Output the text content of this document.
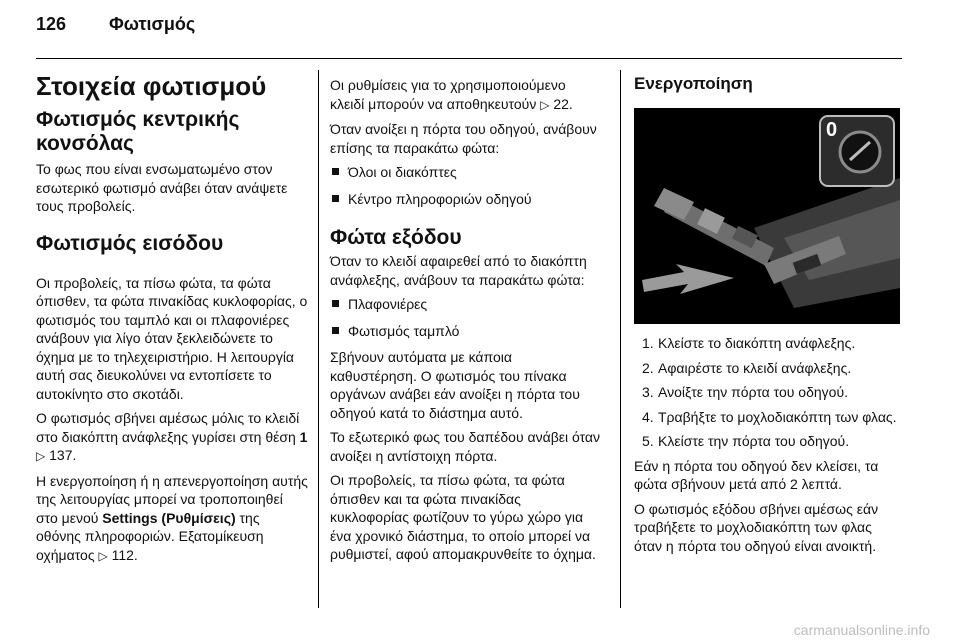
126 Φωτισμός
Στοιχεία φωτισμού
Φωτισμός κεντρικής κονσόλας

Το φως που είναι ενσωματωμένο στον εσωτερικό φωτισμό ανάβει όταν ανάψετε τους προβολείς.

Φωτισμός εισόδου

Οι προβολείς, τα πίσω φώτα, τα φώτα όπισθεν, τα φώτα πινακίδας κυκλοφορίας, ο φωτισμός του ταμπλό και οι πλαφονιέρες ανάβουν για λίγο όταν ξεκλειδώνετε το όχημα με το τηλεχειριστήριο. Η λειτουργία αυτή σας διευκολύνει να εντοπίσετε το αυτοκίνητο στο σκοτάδι.

Ο φωτισμός σβήνει αμέσως μόλις το κλειδί στο διακόπτη ανάφλεξης γυρίσει στη θέση 1 ▷ 137.

Η ενεργοποίηση ή η απενεργοποίηση αυτής της λειτουργίας μπορεί να τροποποιηθεί στο μενού Settings (Ρυθμίσεις) της οθόνης πληροφοριών. Εξατομίκευση οχήματος ▷ 112.

Οι ρυθμίσεις για το χρησιμοποιούμενο κλειδί μπορούν να αποθηκευτούν ▷ 22.

Όταν ανοίξει η πόρτα του οδηγού, ανάβουν επίσης τα παρακάτω φώτα:

Όλοι οι διακόπτες
Κέντρο πληροφοριών οδηγού
Φώτα εξόδου

Όταν το κλειδί αφαιρεθεί από το διακόπτη ανάφλεξης, ανάβουν τα παρακάτω φώτα:

Πλαφονιέρες
Φωτισμός ταμπλό

Σβήνουν αυτόματα με κάποια καθυστέρηση. Ο φωτισμός του πίνακα οργάνων ανάβει εάν ανοίξει η πόρτα του οδηγού κατά το διάστημα αυτό.

Το εξωτερικό φως του δαπέδου ανάβει όταν ανοίξει η αντίστοιχη πόρτα.

Οι προβολείς, τα πίσω φώτα, τα φώτα όπισθεν και τα φώτα πινακίδας κυκλοφορίας φωτίζουν το γύρω χώρο για ένα χρονικό διάστημα, το οποίο μπορεί να ρυθμιστεί, αφού απομακρυνθείτε το όχημα.

Ενεργοποίηση
0
1. Κλείστε το διακόπτη ανάφλεξης.
2. Αφαιρέστε το κλειδί ανάφλεξης.
3. Ανοίξτε την πόρτα του οδηγού.
4. Τραβήξτε το μοχλοδιακόπτη των φλας.
5. Κλείστε την πόρτα του οδηγού.

Εάν η πόρτα του οδηγού δεν κλείσει, τα φώτα σβήνουν μετά από 2 λεπτά.

Ο φωτισμός εξόδου σβήνει αμέσως εάν τραβήξετε το μοχλοδιακόπτη των φλας όταν η πόρτα του οδηγού είναι ανοικτή.

carmanualsonline.info
